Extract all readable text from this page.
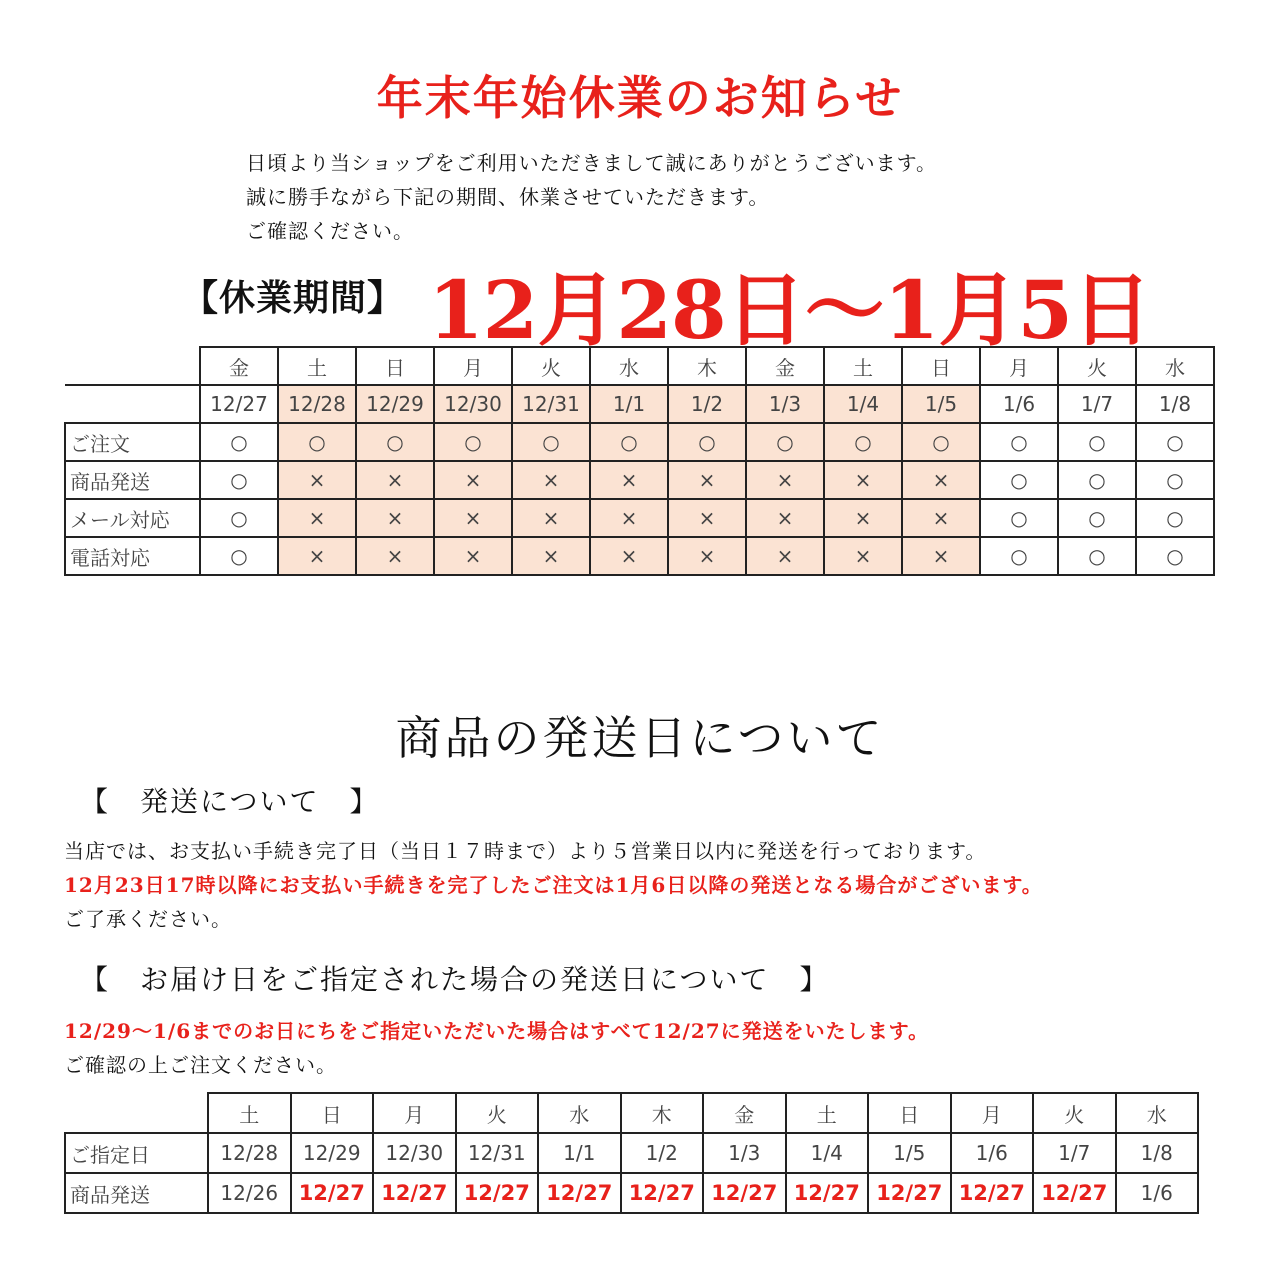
年末年始休業のお知らせ
日頃より当ショップをご利用いただきまして誠にありがとうございます。
誠に勝手ながら下記の期間、休業させていただきます。
ご確認ください。
【休業期間】 12月28日〜1月5日
	金	土	日	月	火	水	木	金	土	日	月	火	水
	12/27	12/28	12/29	12/30	12/31	1/1	1/2	1/3	1/4	1/5	1/6	1/7	1/8
ご注文	○	○	○	○	○	○	○	○	○	○	○	○	○
商品発送	○	×	×	×	×	×	×	×	×	×	○	○	○
メール対応	○	×	×	×	×	×	×	×	×	×	○	○	○
電話対応	○	×	×	×	×	×	×	×	×	×	○	○	○
商品の発送日について
【　発送について　】
当店では、お支払い手続き完了日（当日１７時まで）より５営業日以内に発送を行っております。
12月23日17時以降にお支払い手続きを完了したご注文は1月6日以降の発送となる場合がございます。
ご了承ください。
【　お届け日をご指定された場合の発送日について　】
12/29〜1/6までのお日にちをご指定いただいた場合はすべて12/27に発送をいたします。
ご確認の上ご注文ください。
	土	日	月	火	水	木	金	土	日	月	火	水
ご指定日	12/28	12/29	12/30	12/31	1/1	1/2	1/3	1/4	1/5	1/6	1/7	1/8
商品発送	12/26	12/27	12/27	12/27	12/27	12/27	12/27	12/27	12/27	12/27	12/27	1/6
